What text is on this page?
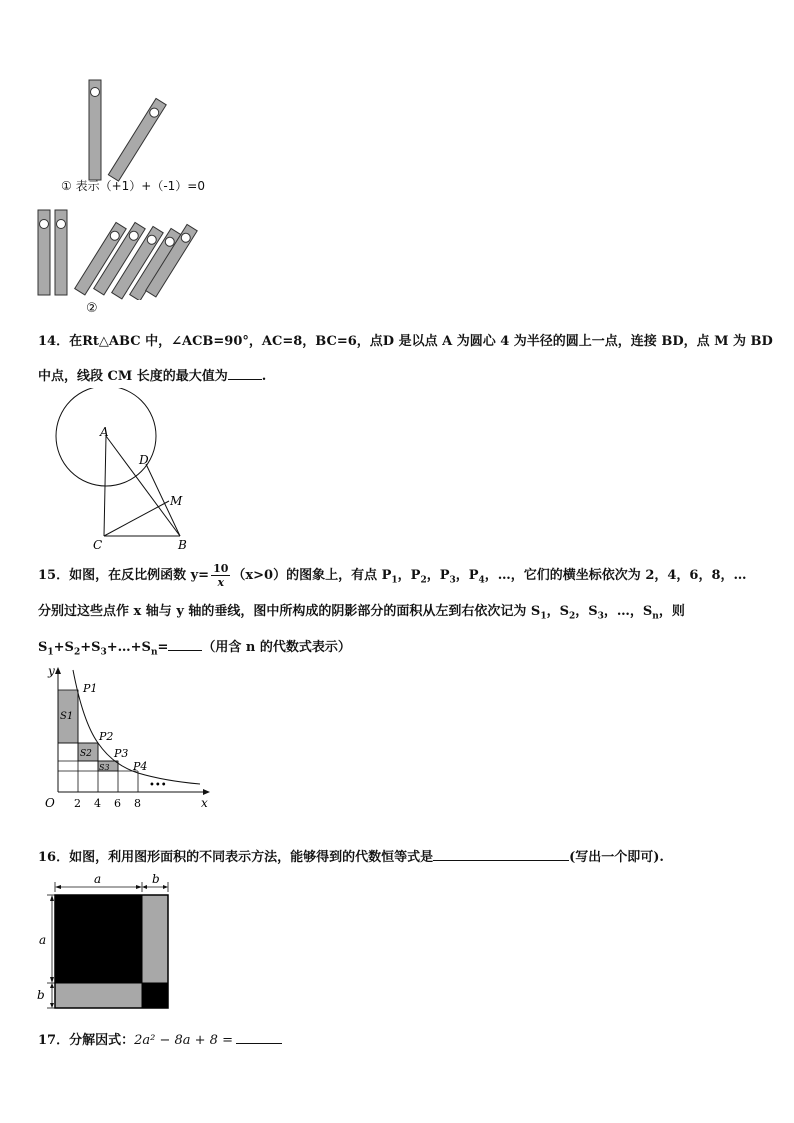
① 表示（+1）+（-1）=0
②
14．在Rt△ABC 中，∠ACB=90°，AC=8，BC=6，点D 是以点 A 为圆心 4 为半径的圆上一点，连接 BD，点 M 为 BD
中点，线段 CM 长度的最大值为	.
A
D
M
C	B
15．如图，在反比例函数 $y= \frac{10}{x} (x>0)$的图象上，有点 $P_1$，$P_2$，$P_3$，$P_4$，…，它们的横坐标依次为 2，4，6，8，…
分别过这些点作 x 轴与 y 轴的垂线，图中所构成的阴影部分的面积从左到右依次记为 $S_1$，$S_2$，$S_3$，…，$S_n$，则
$S_1+S_2+S_3+\dots+S_n=$	（用含 n 的代数式表示）
y
x
O 2 4 6 8
P1
P2
P3
P4
S1
S2
S3
•••
16．如图，利用图形面积的不同表示方法，能够得到的代数恒等式是	(写出一个即可).
a	b
a
b
17．分解因式：2a² − 8a + 8 =
